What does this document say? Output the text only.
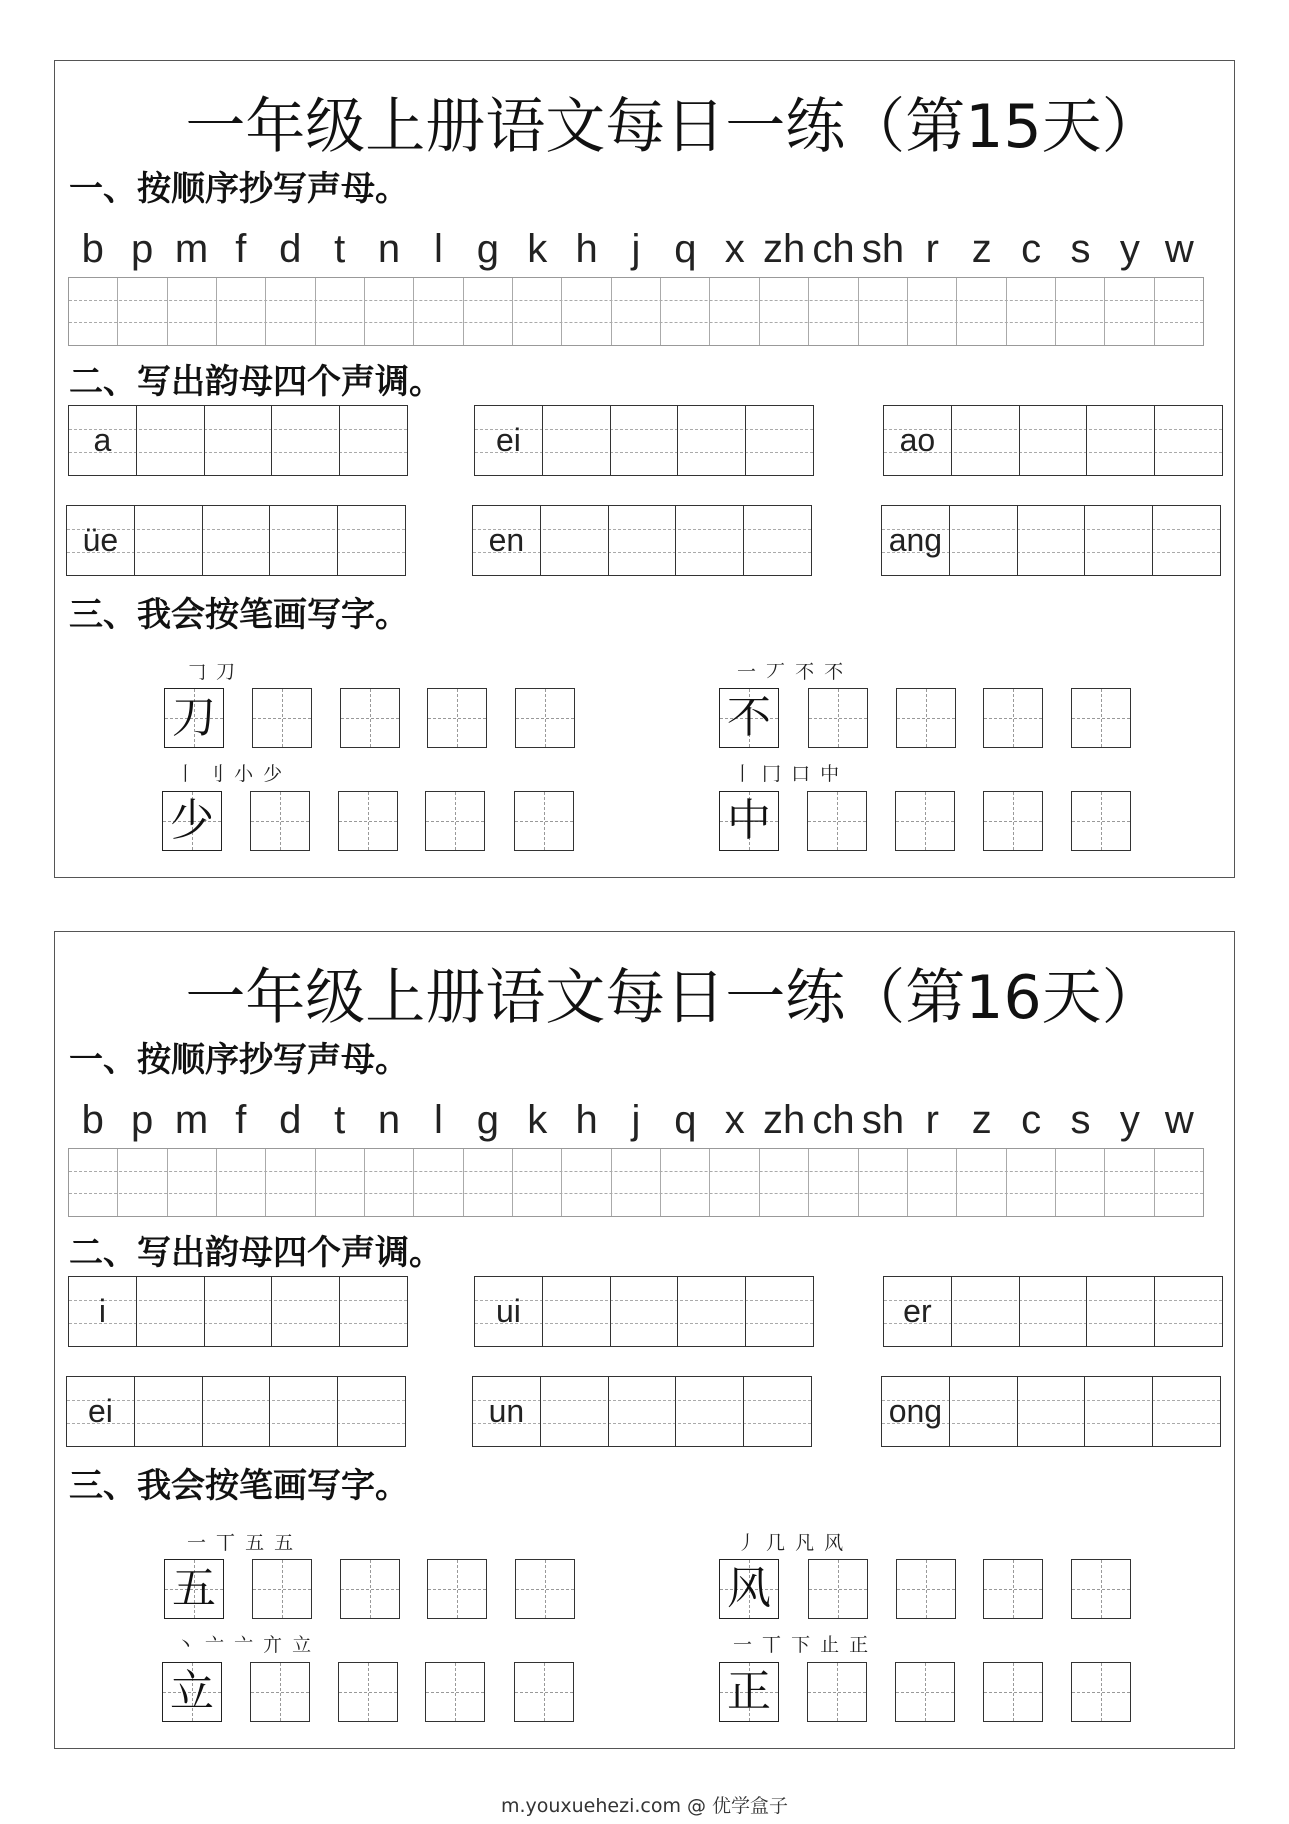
一年级上册语文每日一练（第15天）
一、按顺序抄写声母。
b p m f d t n l g k h j q x zh ch sh r z c s y w
二、写出韵母四个声调。
a	ei	ao
üe	en	ang
三、我会按笔画写字。
𠃌 刀
刀
一 丆 不 不
不
丨 刂 小 少
少
丨 冂 口 中
中
一年级上册语文每日一练（第16天）
一、按顺序抄写声母。
b p m f d t n l g k h j q x zh ch sh r z c s y w
二、写出韵母四个声调。
i	ui	er
ei	un	ong
三、我会按笔画写字。
一 丅 五 五
五
丿 几 凡 风
风
丶 亠 亠 亣 立
立
一 丅 下 止 正
正
m.youxuehezi.com @ 优学盒子
